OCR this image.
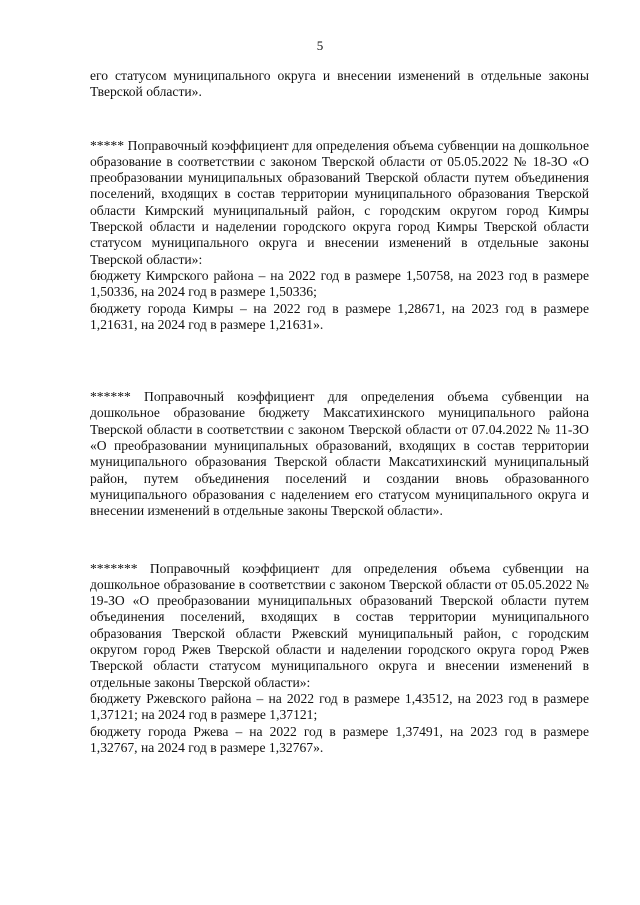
5

его статусом муниципального округа и внесении изменений в отдельные законы Тверской области».

***** Поправочный коэффициент для определения объема субвенции на дошкольное образование в соответствии с законом Тверской области от 05.05.2022 № 18-ЗО «О преобразовании муниципальных образований Тверской области путем объединения поселений, входящих в состав территории муниципального образования Тверской области Кимрский муниципальный район, с городским округом город Кимры Тверской области и наделении городского округа город Кимры Тверской области статусом муниципального округа и внесении изменений в отдельные законы Тверской области»:

бюджету Кимрского района – на 2022 год в размере 1,50758, на 2023 год в размере 1,50336, на 2024 год в размере 1,50336;

бюджету города Кимры – на 2022 год в размере 1,28671, на 2023 год в размере 1,21631, на 2024 год в размере 1,21631».

****** Поправочный коэффициент для определения объема субвенции на дошкольное образование бюджету Максатихинского муниципального района Тверской области в соответствии с законом Тверской области от 07.04.2022 № 11-ЗО «О преобразовании муниципальных образований, входящих в состав территории муниципального образования Тверской области Максатихинский муниципальный район, путем объединения поселений и создании вновь образованного муниципального образования с наделением его статусом муниципального округа и внесении изменений в отдельные законы Тверской области».

******* Поправочный коэффициент для определения объема субвенции на дошкольное образование в соответствии с законом Тверской области от 05.05.2022 № 19-ЗО «О преобразовании муниципальных образований Тверской области путем объединения поселений, входящих в состав территории муниципального образования Тверской области Ржевский муниципальный район, с городским округом город Ржев Тверской области и наделении городского округа город Ржев Тверской области статусом муниципального округа и внесении изменений в отдельные законы Тверской области»:

бюджету Ржевского района – на 2022 год в размере 1,43512, на 2023 год в размере 1,37121; на 2024 год в размере 1,37121;

бюджету города Ржева – на 2022 год в размере 1,37491, на 2023 год в размере 1,32767, на 2024 год в размере 1,32767».
